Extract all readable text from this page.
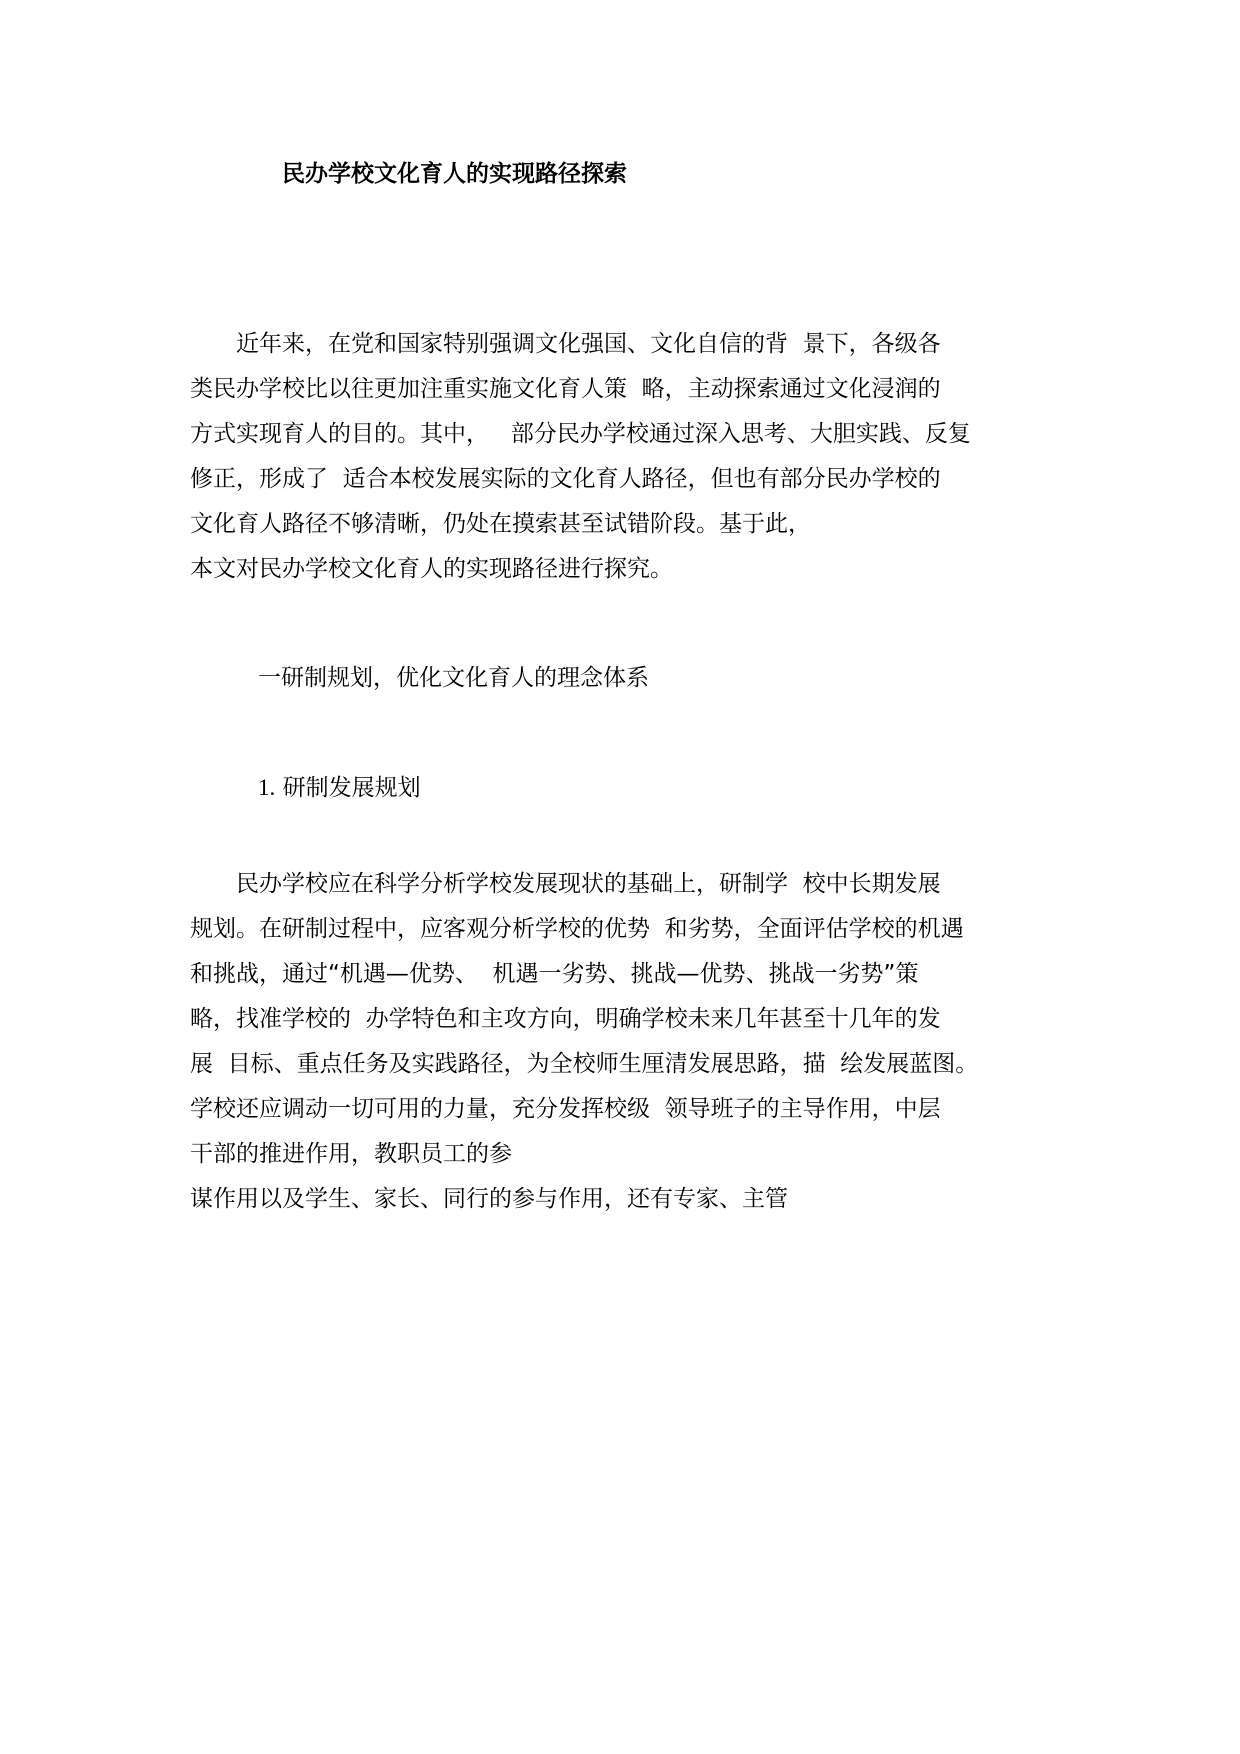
民办学校文化育人的实现路径探索
　　近年来，在党和国家特别强调文化强国、文化自信的背  景下，各级各
类民办学校比以往更加注重实施文化育人策  略，主动探索通过文化浸润的
方式实现育人的目的。其中，   部分民办学校通过深入思考、大胆实践、反复
修正，形成了  适合本校发展实际的文化育人路径，但也有部分民办学校的
文化育人路径不够清晰，仍处在摸索甚至试错阶段。基于此，
本文对民办学校文化育人的实现路径进行探究。
一研制规划，优化文化育人的理念体系
1. 研制发展规划
　　民办学校应在科学分析学校发展现状的基础上，研制学  校中长期发展
规划。在研制过程中，应客观分析学校的优势  和劣势，全面评估学校的机遇
和挑战，通过“机遇—优势、  机遇一劣势、挑战—优势、挑战一劣势”策
略，找准学校的  办学特色和主攻方向，明确学校未来几年甚至十几年的发
展  目标、重点任务及实践路径，为全校师生厘清发展思路，描  绘发展蓝图。
学校还应调动一切可用的力量，充分发挥校级  领导班子的主导作用，中层
干部的推进作用，教职员工的参
谋作用以及学生、家长、同行的参与作用，还有专家、主管
